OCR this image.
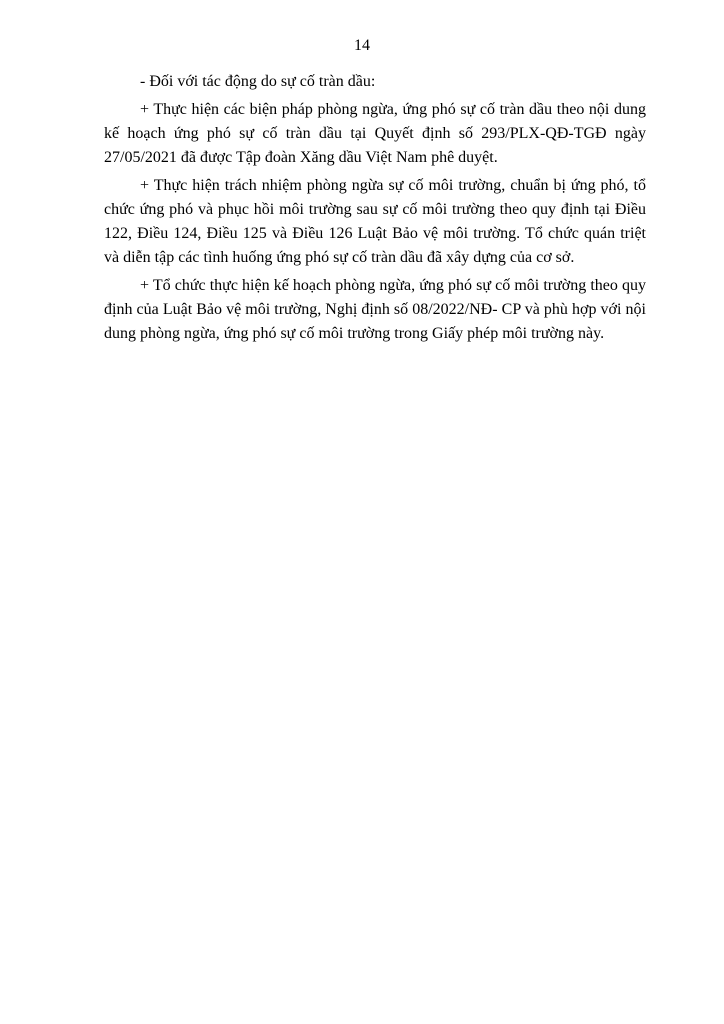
14

- Đối với tác động do sự cố tràn dầu:

+ Thực hiện các biện pháp phòng ngừa, ứng phó sự cố tràn dầu theo nội dung kế hoạch ứng phó sự cố tràn dầu tại Quyết định số 293/PLX-QĐ-TGĐ ngày 27/05/2021 đã được Tập đoàn Xăng dầu Việt Nam phê duyệt.

+ Thực hiện trách nhiệm phòng ngừa sự cố môi trường, chuẩn bị ứng phó, tổ chức ứng phó và phục hồi môi trường sau sự cố môi trường theo quy định tại Điều 122, Điều 124, Điều 125 và Điều 126 Luật Bảo vệ môi trường. Tổ chức quán triệt và diễn tập các tình huống ứng phó sự cố tràn dầu đã xây dựng của cơ sở.

+ Tổ chức thực hiện kế hoạch phòng ngừa, ứng phó sự cố môi trường theo quy định của Luật Bảo vệ môi trường, Nghị định số 08/2022/NĐ- CP và phù hợp với nội dung phòng ngừa, ứng phó sự cố môi trường trong Giấy phép môi trường này.
